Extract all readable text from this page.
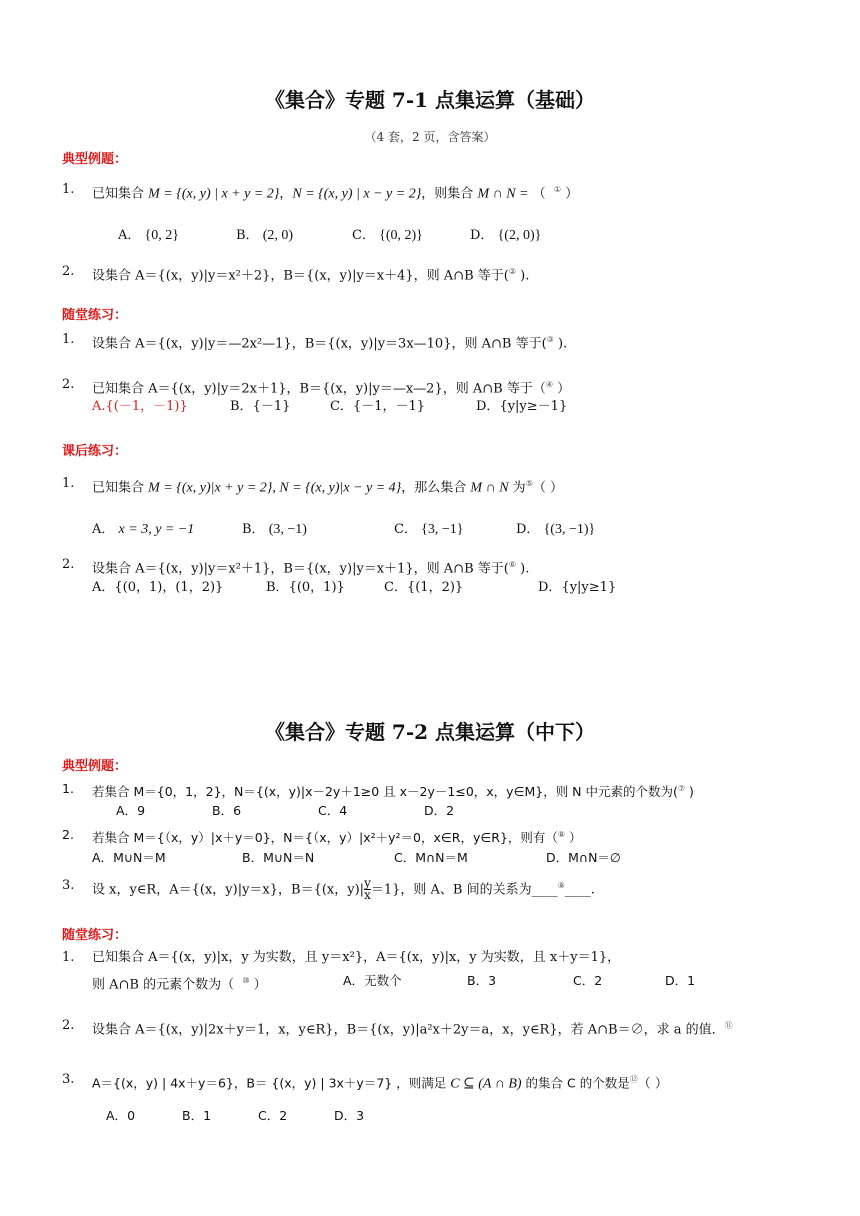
《集合》专题 7-1 点集运算（基础）
（4 套，2 页，含答案）
典型例题：
1. 已知集合 M = {(x, y) | x + y = 2}，N = {(x, y) | x − y = 2}，则集合 M ∩ N = （ ① ）
A． {0, 2}	B． (2, 0)	C． {(0, 2)}	D． {(2, 0)}
2. 设集合 A＝{(x，y)|y＝x²＋2}，B＝{(x，y)|y＝x＋4}，则 A∩B 等于(② ).
随堂练习：
1. 设集合 A＝{(x，y)|y＝—2x²—1}，B＝{(x，y)|y＝3x—10}，则 A∩B 等于(③ ).
2. 已知集合 A＝{(x，y)|y＝2x＋1}，B＝{(x，y)|y＝—x—2}，则 A∩B 等于（④ ）
A.{(－1，－1)}	B．{－1}	C．{－1，－1}	D．{y|y≥－1}
课后练习：
1. 已知集合 M = {(x, y)|x + y = 2}, N = {(x, y)|x − y = 4}，那么集合 M ∩ N 为⑤（ ）
A． x = 3, y = −1	B． (3, −1)	C． {3, −1}	D． {(3, −1)}
2. 设集合 A＝{(x，y)|y＝x²＋1}，B＝{(x，y)|y＝x＋1}，则 A∩B 等于(⑥ ).
A．{(0，1)，(1，2)}	B．{(0，1)}	C．{(1，2)}	D．{y|y≥1}
《集合》专题 7-2 点集运算（中下）
典型例题：
1. 若集合 M＝{0，1，2}，N＝{(x，y)|x－2y＋1≥0 且 x－2y－1≤0，x，y∈M}，则 N 中元素的个数为(⑦ )
A．9	B．6	C．4	D．2
2. 若集合 M＝{（x，y）|x＋y＝0}，N＝{（x，y）|x²＋y²＝0，x∈R，y∈R}，则有（⑧ ）
A．M∪N＝M	B．M∪N＝N	C．M∩N＝M	D．M∩N＝∅
3. 设 x，y∈R，A＝{(x，y)|y＝x}，B＝{(x，$y)| \frac{y}{x} =1$}，则 A、B 间的关系为____⑨____.
随堂练习：
1. 已知集合 A＝{(x，y)|x，y 为实数，且 y＝x²}，A＝{(x，y)|x，y 为实数，且 x＋y＝1}，
则 A∩B 的元素个数为（ ⑩ ）	A．无数个	B．3	C．2	D．1
2. 设集合 A＝{(x，y)|2x＋y＝1，x，y∈R}，B＝{(x，y)|a²x＋2y＝a，x，y∈R}，若 A∩B＝∅，求 a 的值．⑪
3. A＝{(x，y) | 4x＋y＝6}，B＝ {(x，y) | 3x＋y＝7} ，则满足 C ⊆ (A ∩ B) 的集合 C 的个数是⑫（ ）
A．0	B．1	C．2	D．3
